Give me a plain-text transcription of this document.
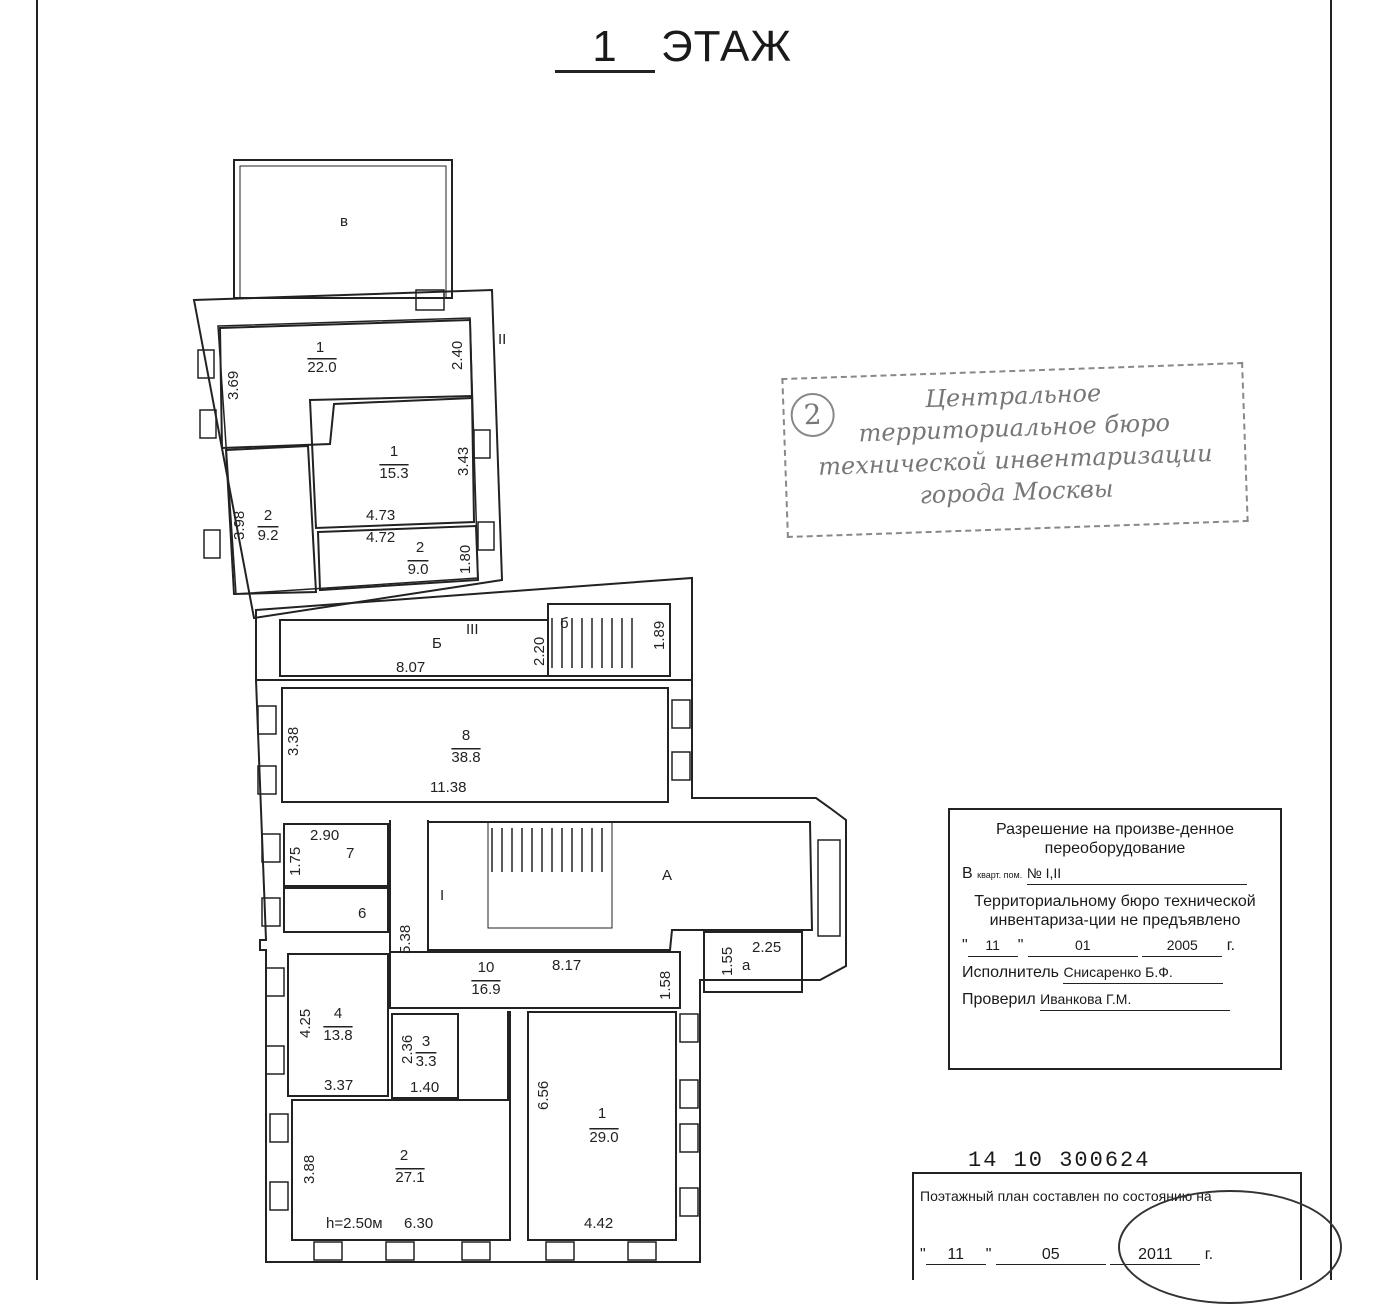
1 ЭТАЖ
в
1
22.0
1
15.3
2
9.2
2
9.0
Б
б
8
38.8
7
6
А
а
10
16.9
4
13.8	3
3.3
2
27.1
1
29.0
II
III
I
4.73
4.72
8.07
11.38
2.90
8.17
2.25
3.37	1.40
h=2.50м 6.30	4.42
3.69
2.40
3.43
3.98
1.80
2.20
1.89
3.38
1.75
5.38
1.58
1.55
4.25
2.36
6.56
3.88
2
Центральное
территориальное бюро
технической инвентаризации
города Москвы
Разрешение на произве-денное переоборудование
В кварт. пом. № I,II
Территориальному бюро технической инвентариза-ции не предъявлено
" 11 "	01	2005 г.
Исполнитель Снисаренко Б.Ф.
Проверил Иванкова Г.М.
14 10 300624
Поэтажный план составлен по состоянию на
" 11 "	05	2011 г.
